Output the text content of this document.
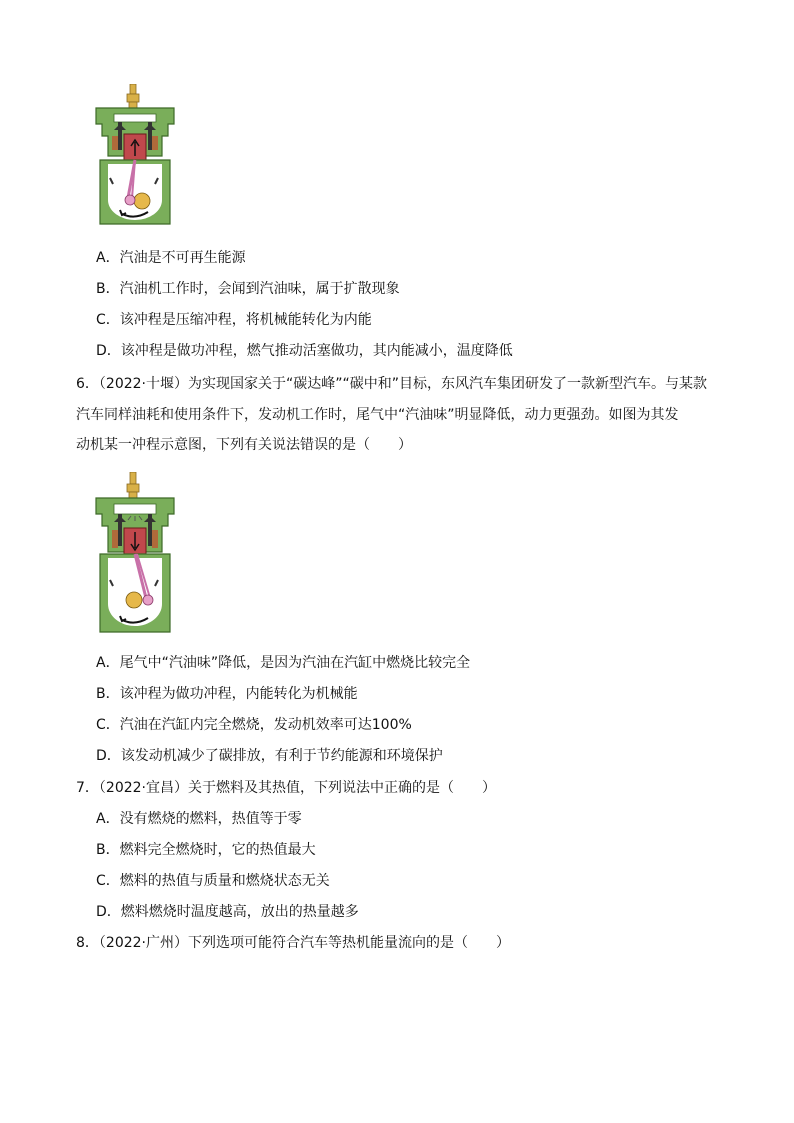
A．汽油是不可再生能源
B．汽油机工作时，会闻到汽油味，属于扩散现象
C．该冲程是压缩冲程，将机械能转化为内能
D．该冲程是做功冲程，燃气推动活塞做功，其内能减小，温度降低
6．（2022·十堰）为实现国家关于“碳达峰”“碳中和”目标，东风汽车集团研发了一款新型汽车。与某款
汽车同样油耗和使用条件下，发动机工作时，尾气中“汽油味”明显降低，动力更强劲。如图为其发
动机某一冲程示意图，下列有关说法错误的是（　　）
A．尾气中“汽油味”降低，是因为汽油在汽缸中燃烧比较完全
B．该冲程为做功冲程，内能转化为机械能
C．汽油在汽缸内完全燃烧，发动机效率可达100%
D．该发动机减少了碳排放，有利于节约能源和环境保护
7．（2022·宜昌）关于燃料及其热值，下列说法中正确的是（　　）
A．没有燃烧的燃料，热值等于零
B．燃料完全燃烧时，它的热值最大
C．燃料的热值与质量和燃烧状态无关
D．燃料燃烧时温度越高，放出的热量越多
8．（2022·广州）下列选项可能符合汽车等热机能量流向的是（　　）
